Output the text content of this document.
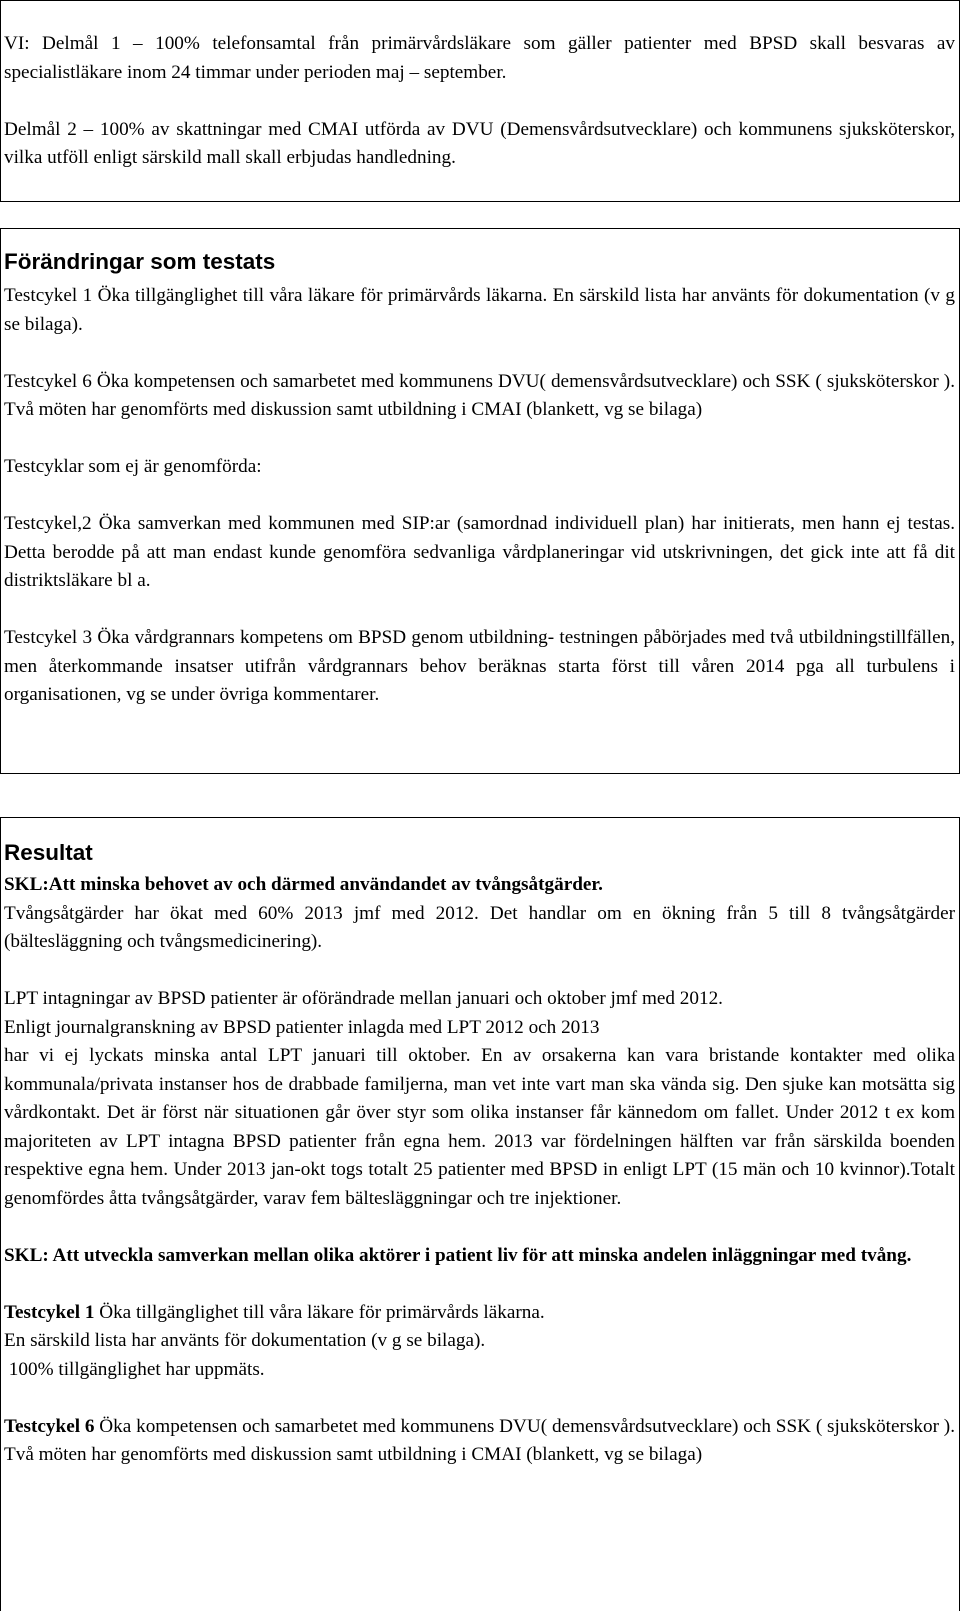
VI: Delmål 1 – 100% telefonsamtal från primärvårdsläkare som gäller patienter med BPSD skall besvaras av specialistläkare inom 24 timmar under perioden maj – september.

Delmål 2 – 100% av skattningar med CMAI utförda av DVU (Demensvårdsutvecklare) och kommunens sjuksköterskor, vilka utföll enligt särskild mall skall erbjudas handledning.

Förändringar som testats

Testcykel 1 Öka tillgänglighet till våra läkare för primärvårds läkarna. En särskild lista har använts för dokumentation (v g se bilaga).

Testcykel 6 Öka kompetensen och samarbetet med kommunens DVU( demensvårdsutvecklare) och SSK ( sjuksköterskor ). Två möten har genomförts med diskussion samt utbildning i CMAI (blankett, vg se bilaga)

Testcyklar som ej är genomförda:

Testcykel,2 Öka samverkan med kommunen med SIP:ar (samordnad individuell plan) har initierats, men hann ej testas. Detta berodde på att man endast kunde genomföra sedvanliga vårdplaneringar vid utskrivningen, det gick inte att få dit distriktsläkare bl a.

Testcykel 3 Öka vårdgrannars kompetens om BPSD genom utbildning- testningen påbörjades med två utbildningstillfällen, men återkommande insatser utifrån vårdgrannars behov beräknas starta först till våren 2014 pga all turbulens i organisationen, vg se under övriga kommentarer.

Resultat

SKL:Att minska behovet av och därmed användandet av tvångsåtgärder.

Tvångsåtgärder har ökat med 60% 2013 jmf med 2012. Det handlar om en ökning från 5 till 8 tvångsåtgärder (bältesläggning och tvångsmedicinering).

LPT intagningar av BPSD patienter är oförändrade mellan januari och oktober jmf med 2012.

Enligt journalgranskning av BPSD patienter inlagda med LPT 2012 och 2013

har vi ej lyckats minska antal LPT januari till oktober. En av orsakerna kan vara bristande kontakter med olika kommunala/privata instanser hos de drabbade familjerna, man vet inte vart man ska vända sig. Den sjuke kan motsätta sig vårdkontakt. Det är först när situationen går över styr som olika instanser får kännedom om fallet. Under 2012 t ex kom majoriteten av LPT intagna BPSD patienter från egna hem. 2013 var fördelningen hälften var från särskilda boenden respektive egna hem. Under 2013 jan-okt togs totalt 25 patienter med BPSD in enligt LPT (15 män och 10 kvinnor).Totalt genomfördes åtta tvångsåtgärder, varav fem bältesläggningar och tre injektioner.

SKL: Att utveckla samverkan mellan olika aktörer i patient liv för att minska andelen inläggningar med tvång.

Testcykel 1 Öka tillgänglighet till våra läkare för primärvårds läkarna.

En särskild lista har använts för dokumentation (v g se bilaga).

100% tillgänglighet har uppmäts.

Testcykel 6 Öka kompetensen och samarbetet med kommunens DVU( demensvårdsutvecklare) och SSK ( sjuksköterskor ). Två möten har genomförts med diskussion samt utbildning i CMAI (blankett, vg se bilaga)
